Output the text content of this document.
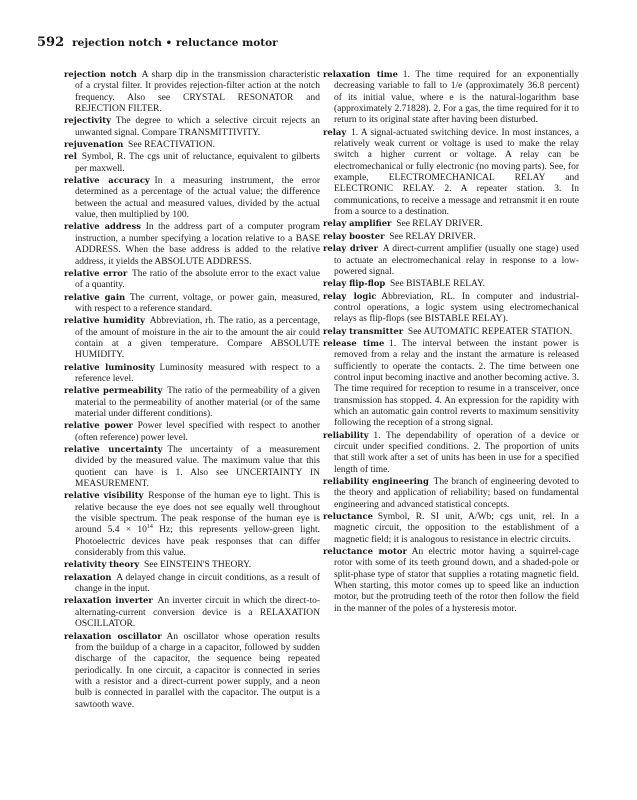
592 rejection notch • reluctance motor

rejection notch  A sharp dip in the transmission characteristic of a crystal filter. It provides rejection-filter action at the notch frequency. Also see CRYSTAL RESONATOR and REJECTION FILTER.

rejectivity  The degree to which a selective circuit rejects an unwanted signal. Compare TRANSMITTIVITY.

rejuvenation  See REACTIVATION.

rel  Symbol, R. The cgs unit of reluctance, equivalent to gilberts per maxwell.

relative accuracy  In a measuring instrument, the error determined as a percentage of the actual value; the difference between the actual and measured values, divided by the actual value, then multiplied by 100.

relative address  In the address part of a computer program instruction, a number specifying a location relative to a BASE ADDRESS. When the base address is added to the relative address, it yields the ABSOLUTE ADDRESS.

relative error  The ratio of the absolute error to the exact value of a quantity.

relative gain  The current, voltage, or power gain, measured, with respect to a reference standard.

relative humidity  Abbreviation, rh. The ratio, as a percentage, of the amount of moisture in the air to the amount the air could contain at a given temperature. Compare ABSOLUTE HUMIDITY.

relative luminosity  Luminosity measured with respect to a reference level.

relative permeability  The ratio of the permeability of a given material to the permeability of another material (or of the same material under different conditions).

relative power  Power level specified with respect to another (often reference) power level.

relative uncertainty  The uncertainty of a measurement divided by the measured value. The maximum value that this quotient can have is 1. Also see UNCERTAINTY IN MEASUREMENT.

relative visibility  Response of the human eye to light. This is relative because the eye does not see equally well throughout the visible spectrum. The peak response of the human eye is around $5.4 \times 10^{14}$ Hz; this represents yellow-green light. Photoelectric devices have peak responses that can differ considerably from this value.

relativity theory  See EINSTEIN'S THEORY.

relaxation  A delayed change in circuit conditions, as a result of change in the input.

relaxation inverter  An inverter circuit in which the direct-to-alternating-current conversion device is a RELAXATION OSCILLATOR.

relaxation oscillator  An oscillator whose operation results from the buildup of a charge in a capacitor, followed by sudden discharge of the capacitor, the sequence being repeated periodically. In one circuit, a capacitor is connected in series with a resistor and a direct-current power supply, and a neon bulb is connected in parallel with the capacitor. The output is a sawtooth wave.

relaxation time  1. The time required for an exponentially decreasing variable to fall to 1/e (approximately 36.8 percent) of its initial value, where e is the natural-logarithm base (approximately 2.71828). 2. For a gas, the time required for it to return to its original state after having been disturbed.

relay  1. A signal-actuated switching device. In most instances, a relatively weak current or voltage is used to make the relay switch a higher current or voltage. A relay can be electromechanical or fully electronic (no moving parts). See, for example, ELECTROMECHANICAL RELAY and ELECTRONIC RELAY. 2. A repeater station. 3. In communications, to receive a message and retransmit it en route from a source to a destination.

relay amplifier  See RELAY DRIVER.

relay booster  See RELAY DRIVER.

relay driver  A direct-current amplifier (usually one stage) used to actuate an electromechanical relay in response to a low-powered signal.

relay flip-flop  See BISTABLE RELAY.

relay logic  Abbreviation, RL. In computer and industrial-control operations, a logic system using electromechanical relays as flip-flops (see BISTABLE RELAY).

relay transmitter  See AUTOMATIC REPEATER STATION.

release time  1. The interval between the instant power is removed from a relay and the instant the armature is released sufficiently to operate the contacts. 2. The time between one control input becoming inactive and another becoming active. 3. The time required for reception to resume in a transceiver, once transmission has stopped. 4. An expression for the rapidity with which an automatic gain control reverts to maximum sensitivity following the reception of a strong signal.

reliability  1. The dependability of operation of a device or circuit under specified conditions. 2. The proportion of units that still work after a set of units has been in use for a specified length of time.

reliability engineering  The branch of engineering devoted to the theory and application of reliability; based on fundamental engineering and advanced statistical concepts.

reluctance  Symbol, R. SI unit, A/Wb; cgs unit, rel. In a magnetic circuit, the opposition to the establishment of a magnetic field; it is analogous to resistance in electric circuits.

reluctance motor  An electric motor having a squirrel-cage rotor with some of its teeth ground down, and a shaded-pole or split-phase type of stator that supplies a rotating magnetic field. When starting, this motor comes up to speed like an induction motor, but the protruding teeth of the rotor then follow the field in the manner of the poles of a hysteresis motor.
